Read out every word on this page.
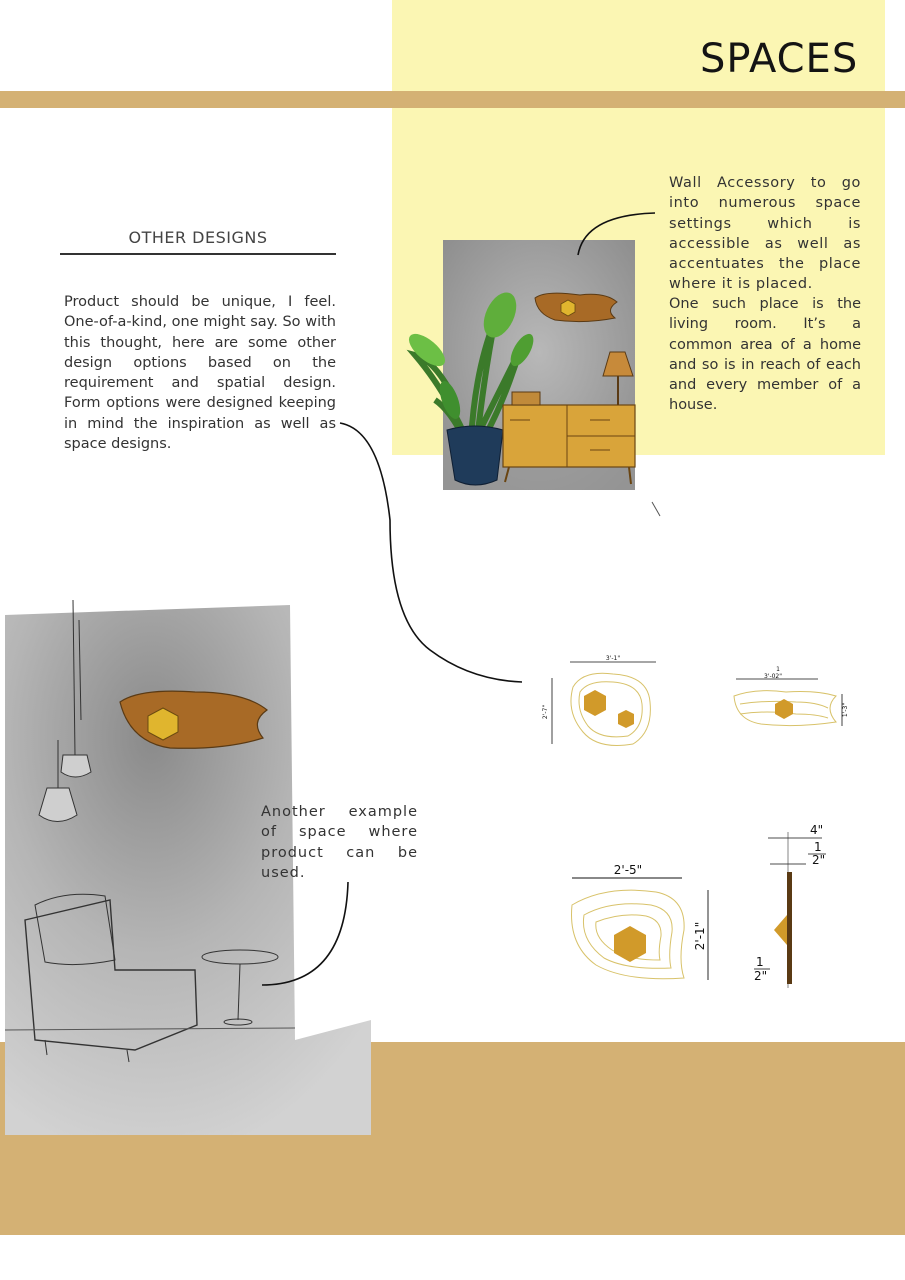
SPACES
OTHER DESIGNS
Product should be unique, I feel. One-of-a-kind, one might say. So with this thought, here are some other design options based on the requirement and spatial design. Form options were designed keeping in mind the inspiration as well as space designs.
Wall Accessory to go into numerous space settings which is accessible as well as accentuates the place where it is placed.
One such place is the living room. It’s a common area of a home and so is in reach of each and every member of a house.
3'-1"
2'-7"
1
3'-02"
1'-3"
2'-5"
2'-1"
4"
1
2"
1
2"
Another example of space where product can be used.
